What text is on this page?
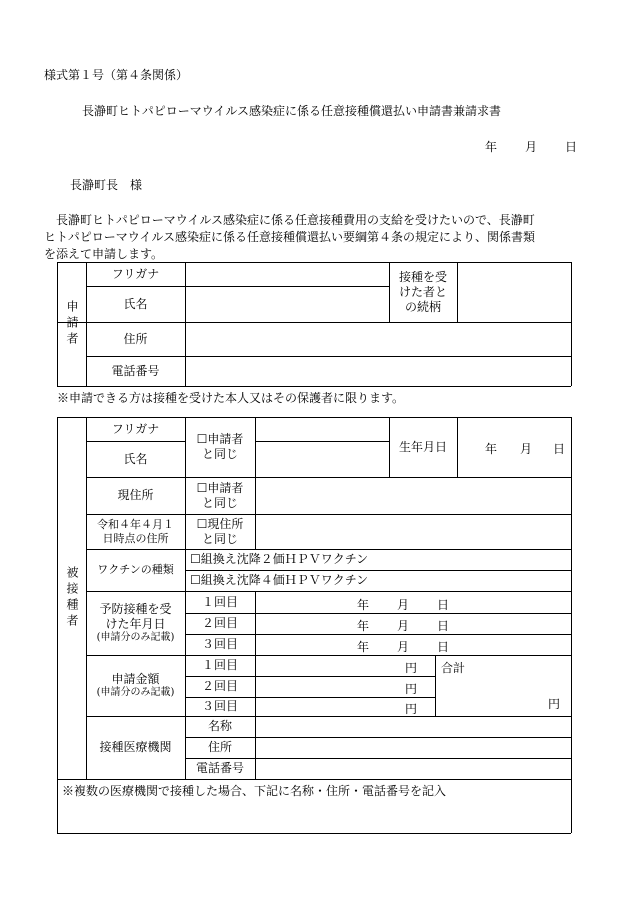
様式第１号（第４条関係）
長瀞町ヒトパピローマウイルス感染症に係る任意接種償還払い申請書兼請求書
年 月 日
長瀞町長　様
　長瀞町ヒトパピローマウイルス感染症に係る任意接種費用の支給を受けたいので、長瀞町
ヒトパピローマウイルス感染症に係る任意接種償還払い要綱第４条の規定により、関係書類
を添えて申請します。
申請者
フリガナ
氏名
接種を受
けた者と
の続柄
住所
電話番号
※申請できる方は接種を受けた本人又はその保護者に限ります。
被接種者
フリガナ
氏名
☐申請者
と同じ
生年月日	年 月 日
現住所
☐申請者
と同じ
令和４年４月１
日時点の住所
☐現住所
と同じ
ワクチンの種類
☐組換え沈降２価ＨＰＶワクチン
☐組換え沈降４価ＨＰＶワクチン
予防接種を受
けた年月日
(申請分のみ記載)
１回目
２回目
３回目
年 月 日
年 月 日
年 月 日
申請金額
(申請分のみ記載)
１回目
２回目
３回目
円
円
円
合計
円
接種医療機関
名称
住所
電話番号
※複数の医療機関で接種した場合、下記に名称・住所・電話番号を記入
